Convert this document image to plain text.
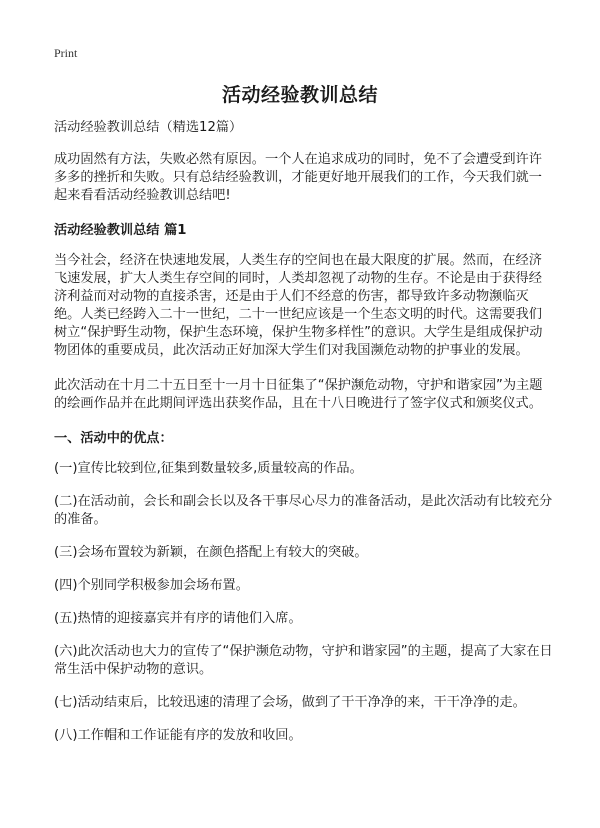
Print
活动经验教训总结

活动经验教训总结（精选12篇）

成功固然有方法，失败必然有原因。一个人在追求成功的同时，免不了会遭受到许许多多的挫折和失败。只有总结经验教训，才能更好地开展我们的工作，今天我们就一起来看看活动经验教训总结吧!

活动经验教训总结 篇1

当今社会，经济在快速地发展，人类生存的空间也在最大限度的扩展。然而，在经济飞速发展，扩大人类生存空间的同时，人类却忽视了动物的生存。不论是由于获得经济利益而对动物的直接杀害，还是由于人们不经意的伤害，都导致许多动物濒临灭绝。人类已经跨入二十一世纪，二十一世纪应该是一个生态文明的时代。这需要我们树立“保护野生动物，保护生态环境，保护生物多样性”的意识。大学生是组成保护动物团体的重要成员，此次活动正好加深大学生们对我国濒危动物的护事业的发展。

此次活动在十月二十五日至十一月十日征集了“保护濒危动物，守护和谐家园”为主题的绘画作品并在此期间评选出获奖作品，且在十八日晚进行了签字仪式和颁奖仪式。

一、活动中的优点：

(一)宣传比较到位,征集到数量较多,质量较高的作品。

(二)在活动前，会长和副会长以及各干事尽心尽力的准备活动，是此次活动有比较充分的准备。

(三)会场布置较为新颖，在颜色搭配上有较大的突破。

(四)个别同学积极参加会场布置。

(五)热情的迎接嘉宾并有序的请他们入席。

(六)此次活动也大力的宣传了“保护濒危动物，守护和谐家园”的主题，提高了大家在日常生活中保护动物的意识。

(七)活动结束后，比较迅速的清理了会场，做到了干干净净的来，干干净净的走。

(八)工作帽和工作证能有序的发放和收回。
